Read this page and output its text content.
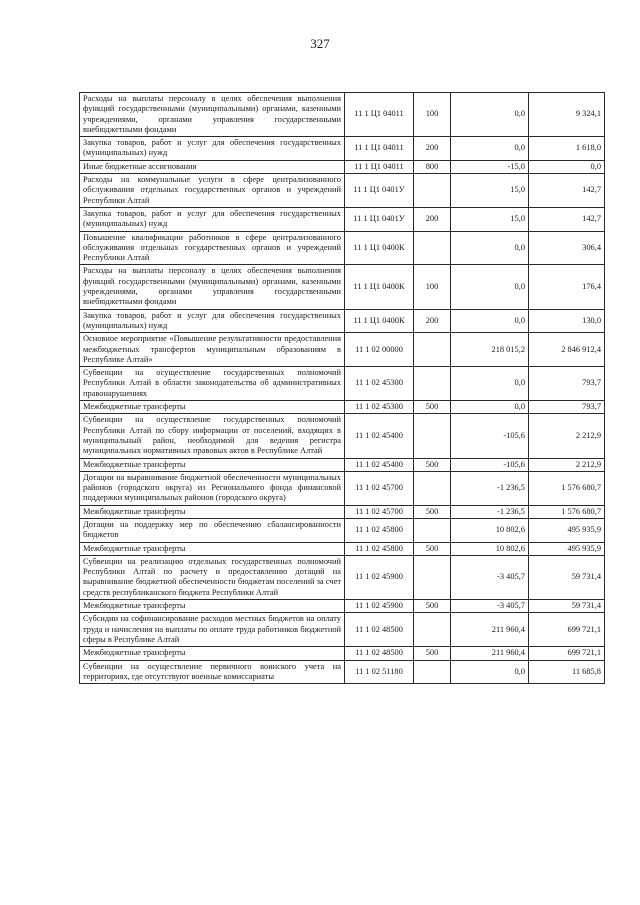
327
Расходы на выплаты персоналу в целях обеспечения выполнения функций государственными (муниципальными) органами, казенными учреждениями, органами управления государственными внебюджетными фондами	11 1 Ц1 04011	100	0,0	9 324,1
Закупка товаров, работ и услуг для обеспечения государственных (муниципальных) нужд	11 1 Ц1 04011	200	0,0	1 618,0
Иные бюджетные ассигнования	11 1 Ц1 04011	800	-15,0	0,0
Расходы на коммунальные услуги в сфере централизованного обслуживания отдельных государственных органов и учреждений Республики Алтай	11 1 Ц1 0401У		15,0	142,7
Закупка товаров, работ и услуг для обеспечения государственных (муниципальных) нужд	11 1 Ц1 0401У	200	15,0	142,7
Повышение квалификации работников в сфере централизованного обслуживания отдельных государственных органов и учреждений Республики Алтай	11 1 Ц1 0400К		0,0	306,4
Расходы на выплаты персоналу в целях обеспечения выполнения функций государственными (муниципальными) органами, казенными учреждениями, органами управления государственными внебюджетными фондами	11 1 Ц1 0400К	100	0,0	176,4
Закупка товаров, работ и услуг для обеспечения государственных (муниципальных) нужд	11 1 Ц1 0400К	200	0,0	130,0
Основное мероприятие «Повышение результативности предоставления межбюджетных трансфертов муниципальным образованиям в Республике Алтай»	11 1 02 00000		218 015,2	2 846 912,4
Субвенции на осуществление государственных полномочий Республики Алтай в области законодательства об административных правонарушениях	11 1 02 45300		0,0	793,7
Межбюджетные трансферты	11 1 02 45300	500	0,0	793,7
Субвенции на осуществление государственных полномочий Республики Алтай по сбору информации от поселений, входящих в муниципальный район, необходимой для ведения регистра муниципальных нормативных правовых актов в Республике Алтай	11 1 02 45400		-105,6	2 212,9
Межбюджетные трансферты	11 1 02 45400	500	-105,6	2 212,9
Дотации на выравнивание бюджетной обеспеченности муниципальных районов (городского округа) из Регионального фонда финансовой поддержки муниципальных районов (городского округа)	11 1 02 45700		-1 236,5	1 576 680,7
Межбюджетные трансферты	11 1 02 45700	500	-1 236,5	1 576 680,7
Дотации на поддержку мер по обеспечению сбалансированности бюджетов	11 1 02 45800		10 802,6	495 935,9
Межбюджетные трансферты	11 1 02 45800	500	10 802,6	495 935,9
Субвенции на реализацию отдельных государственных полномочий Республики Алтай по расчету и предоставлению дотаций на выравнивание бюджетной обеспеченности бюджетам поселений за счет средств республиканского бюджета Республики Алтай	11 1 02 45900		-3 405,7	59 731,4
Межбюджетные трансферты	11 1 02 45900	500	-3 405,7	59 731,4
Субсидии на софинансирование расходов местных бюджетов на оплату труда и начисления на выплаты по оплате труда работников бюджетной сферы в Республике Алтай	11 1 02 48500		211 960,4	699 721,1
Межбюджетные трансферты	11 1 02 48500	500	211 960,4	699 721,1
Субвенции на осуществление первичного воинского учета на территориях, где отсутствуют военные комиссариаты	11 1 02 51180		0,0	11 685,8
